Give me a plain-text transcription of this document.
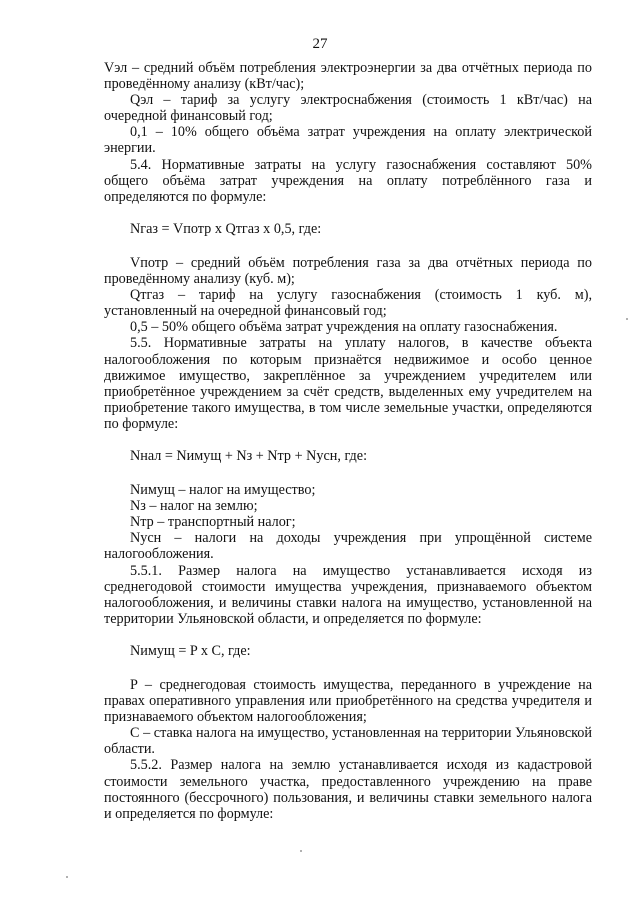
27

Vэл – средний объём потребления электроэнергии за два отчётных периода по проведённому анализу (кВт/час);

Qэл – тариф за услугу электроснабжения (стоимость 1 кВт/час) на очередной финансовый год;

0,1 – 10% общего объёма затрат учреждения на оплату электрической энергии.

5.4. Нормативные затраты на услугу газоснабжения составляют 50% общего объёма затрат учреждения на оплату потреблённого газа и определяются по формуле:

Nгаз = Vпотр x Qтгаз x 0,5, где:

Vпотр – средний объём потребления газа за два отчётных периода по проведённому анализу (куб. м);

Qтгаз – тариф на услугу газоснабжения (стоимость 1 куб. м), установленный на очередной финансовый год;

0,5 – 50% общего объёма затрат учреждения на оплату газоснабжения.

5.5. Нормативные затраты на уплату налогов, в качестве объекта налогообложения по которым признаётся недвижимое и особо ценное движимое имущество, закреплённое за учреждением учредителем или приобретённое учреждением за счёт средств, выделенных ему учредителем на приобретение такого имущества, в том числе земельные участки, определяются по формуле:

Nнал = Nимущ + Nз + Nтр + Nусн, где:

Nимущ – налог на имущество;

Nз – налог на землю;

Nтр – транспортный налог;

Nусн – налоги на доходы учреждения при упрощённой системе налогообложения.

5.5.1. Размер налога на имущество устанавливается исходя из среднегодовой стоимости имущества учреждения, признаваемого объектом налогообложения, и величины ставки налога на имущество, установленной на территории Ульяновской области, и определяется по формуле:

Nимущ = P x C, где:

P – среднегодовая стоимость имущества, переданного в учреждение на правах оперативного управления или приобретённого на средства учредителя и признаваемого объектом налогообложения;

C – ставка налога на имущество, установленная на территории Ульяновской области.

5.5.2. Размер налога на землю устанавливается исходя из кадастровой стоимости земельного участка, предоставленного учреждению на праве постоянного (бессрочного) пользования, и величины ставки земельного налога и определяется по формуле:
